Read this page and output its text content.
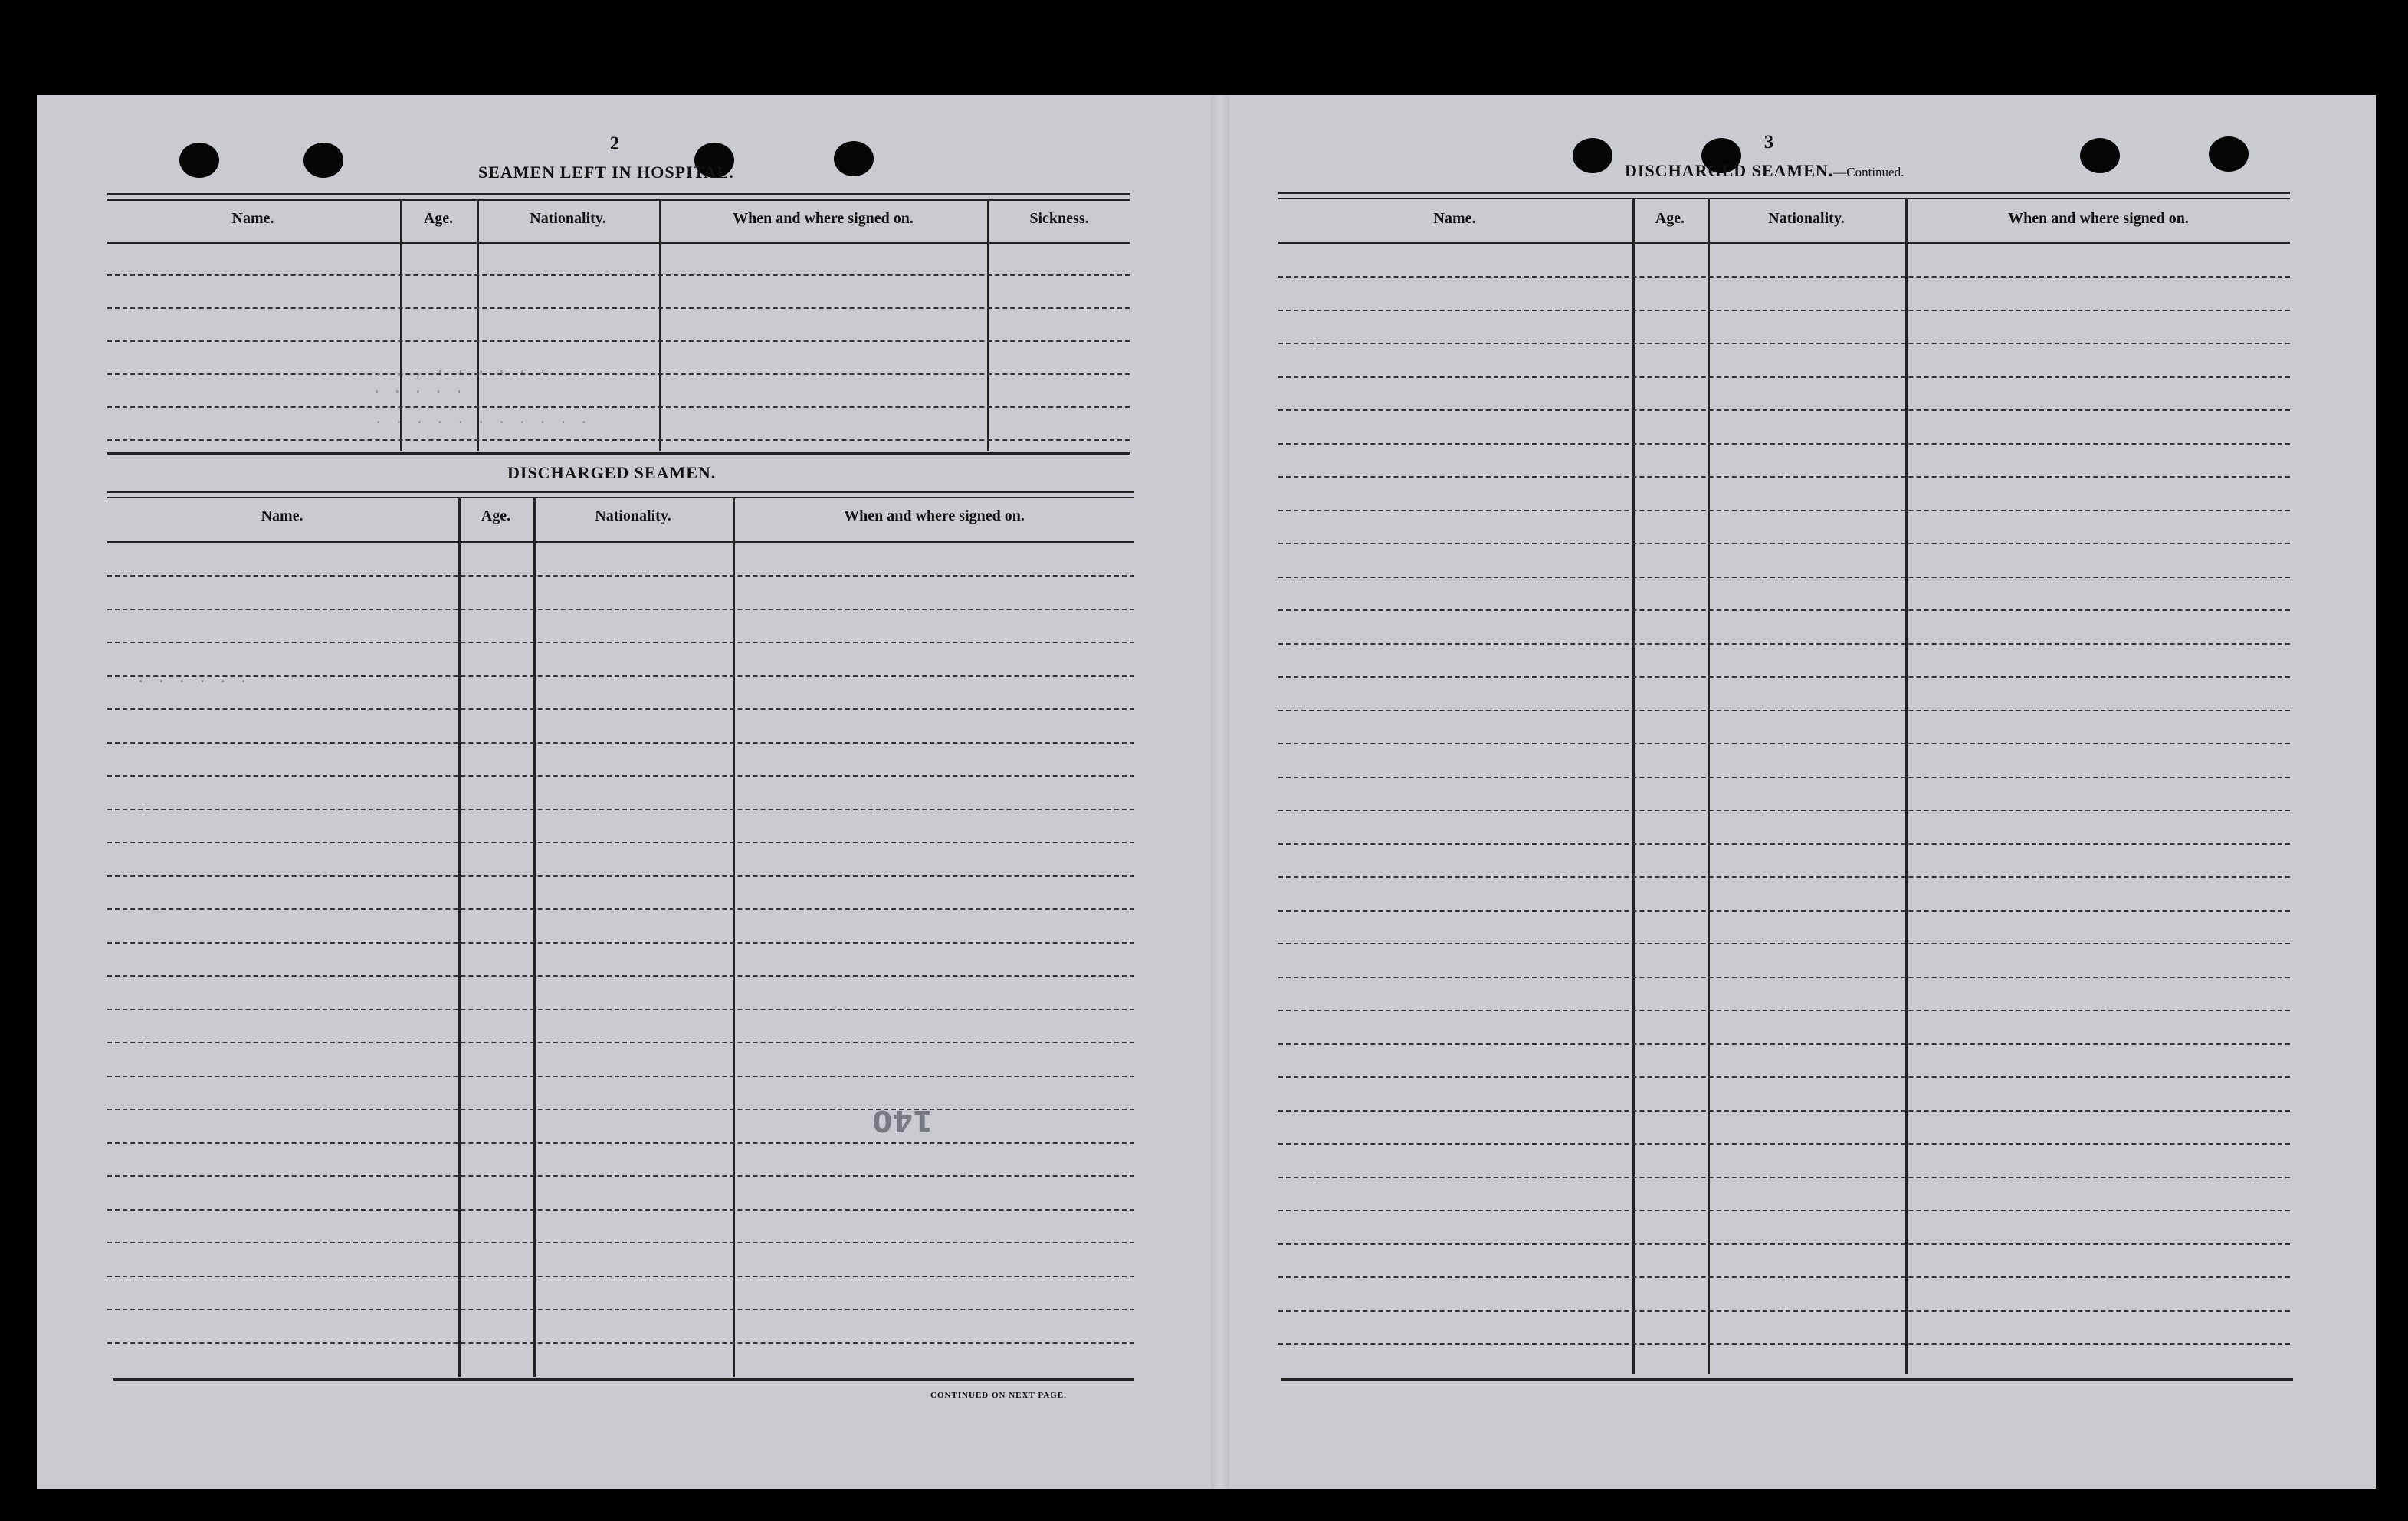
2
SEAMEN LEFT IN HOSPITAL.
Name.	Age.	Nationality.	When and where signed on.	Sickness.
DISCHARGED SEAMEN.
Name.	Age.	Nationality.	When and where signed on.
CONTINUED ON NEXT PAGE.
. . , · · · · · ·
· · · · ·
· · · · · · · · · · ·
· · · · · ·
· · · · · ·
140
3
DISCHARGED SEAMEN.—Continued.
Name.	Age.	Nationality.	When and where signed on.
